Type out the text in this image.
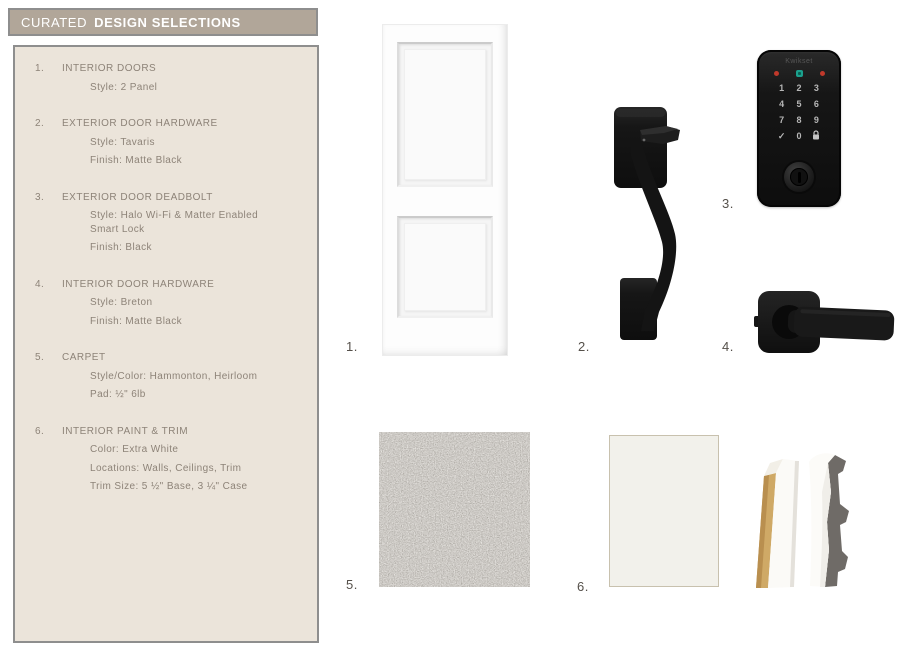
CURATED DESIGN SELECTIONS
1.	INTERIOR DOORS
Style: 2 Panel
2.	EXTERIOR DOOR HARDWARE
Style: Tavaris
Finish: Matte Black
3.	EXTERIOR DOOR DEADBOLT
Style: Halo Wi-Fi & Matter Enabled Smart Lock
Finish: Black
4.	INTERIOR DOOR HARDWARE
Style: Breton
Finish: Matte Black
5.	CARPET
Style/Color: Hammonton, Heirloom
Pad: ½" 6lb
6.	INTERIOR PAINT & TRIM
Color: Extra White
Locations: Walls, Ceilings, Trim
Trim Size: 5 ½" Base, 3 ¼" Case
1.	2.
Kwikset
1	2	3
4	5	6
7	8	9
✓	0
3.
4.
5.	6.
